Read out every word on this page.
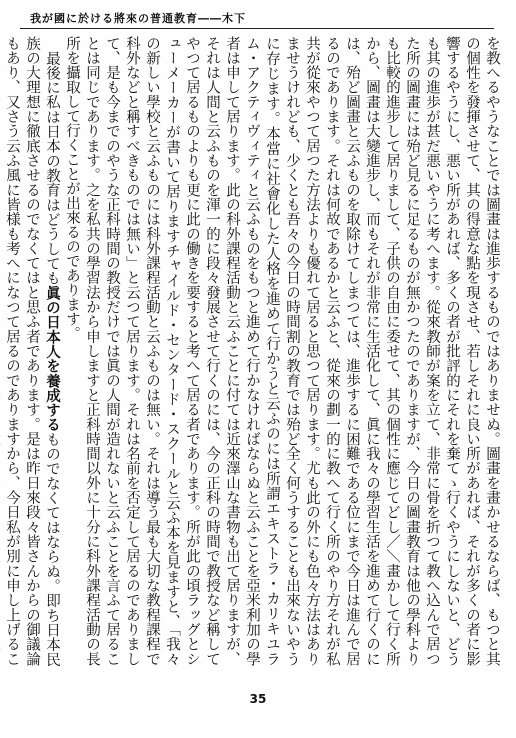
我が國に於ける將來の普通教育――木下

を教へるやうなことでは圖畫は進歩するものではありませぬ。圖畫を畫かせるならば、もつと其の個性を發揮させて、其の得意な點を現させ、若しそれに良い所があれば、それが多くの者に影響するやうにし、悪い所があれば、多くの者が批評的にそれを棄てゝ行くやうにしないと、どうも其の進歩が甚だ悪いやうに考へます。從來教師が案を立て、非常に骨を折つて教へ込んで居つた所の圖畫には殆ど見るに足るものが無かつたのでありますが、今日の圖畫教育は他の學科よりも比較的進步して居りまして、子供の自由に委せて、其の個性に應じてどし／＼畫かして行く所から、圖畫は大變進步し、而もそれが非常に生活化して、眞に我々の學習生活を進めて行くのには、殆ど圖畫と云ふものを取除けてしまつては、進歩するに困難である位にまで今日は進んで居るのであります。それは何故であるかと云ふと、從來の劃一的に教へて行く所のやり方それが私共が從來やつて居つた方法よりも優れて居ると思つて居ります。尤も此の外にも色々方法はありませうけれども、少くとも吾々の今日の時間割の教育では殆ど全く何うすることも出來ないやうに存じます。本當に社會化した人格を進めて行かうと云ふのには所謂エキストラ・カリキユラム・アクティヴィティと云ふものをもつと進めて行かなければならぬと云ふことを亞米利加の學者は申して居ります。此の科外課程活動と云ふことに付ては近來澤山な書物も出て居りますが、それは人間と云ふものを渾一的に段々發展させて行くのには、今の正科の時間で教授など稱してやつて居るものよりも更に此の働きを要すると考へて居る者であります。所が此の頃ラッグとシューメーカーが書いて居りますチャイルド・センタード・スクールと云ふ本を見ますと、「我々の新しい學校と云ふものには科外課程活動と云ふものは無い。それは導う最も大切な教程課程で科外などと稱すべきものでは無い」と云つて居ります。それは名前を否定して居るのでありまして、是も今までのやうな正科時間の教授だけでは眞の人間が造れないと云ふことを言ふて居ることは同じであります。之を私共の學習法から申しますと正科時間以外に十分に科外課程活動の長所を攝取して行くことが出來るのであります。

最後に私は日本の教育はどうしても眞の日本人を養成するものでなくてはならぬ。即ち日本民族の大理想に徹底させるのでなくてはと思ふ者であります。是は昨日來段々皆さんからの御議論もあり、又さう云ふ風に皆様も考へになつて居るのでありますから、今日私が別に申し上げるこ

35
